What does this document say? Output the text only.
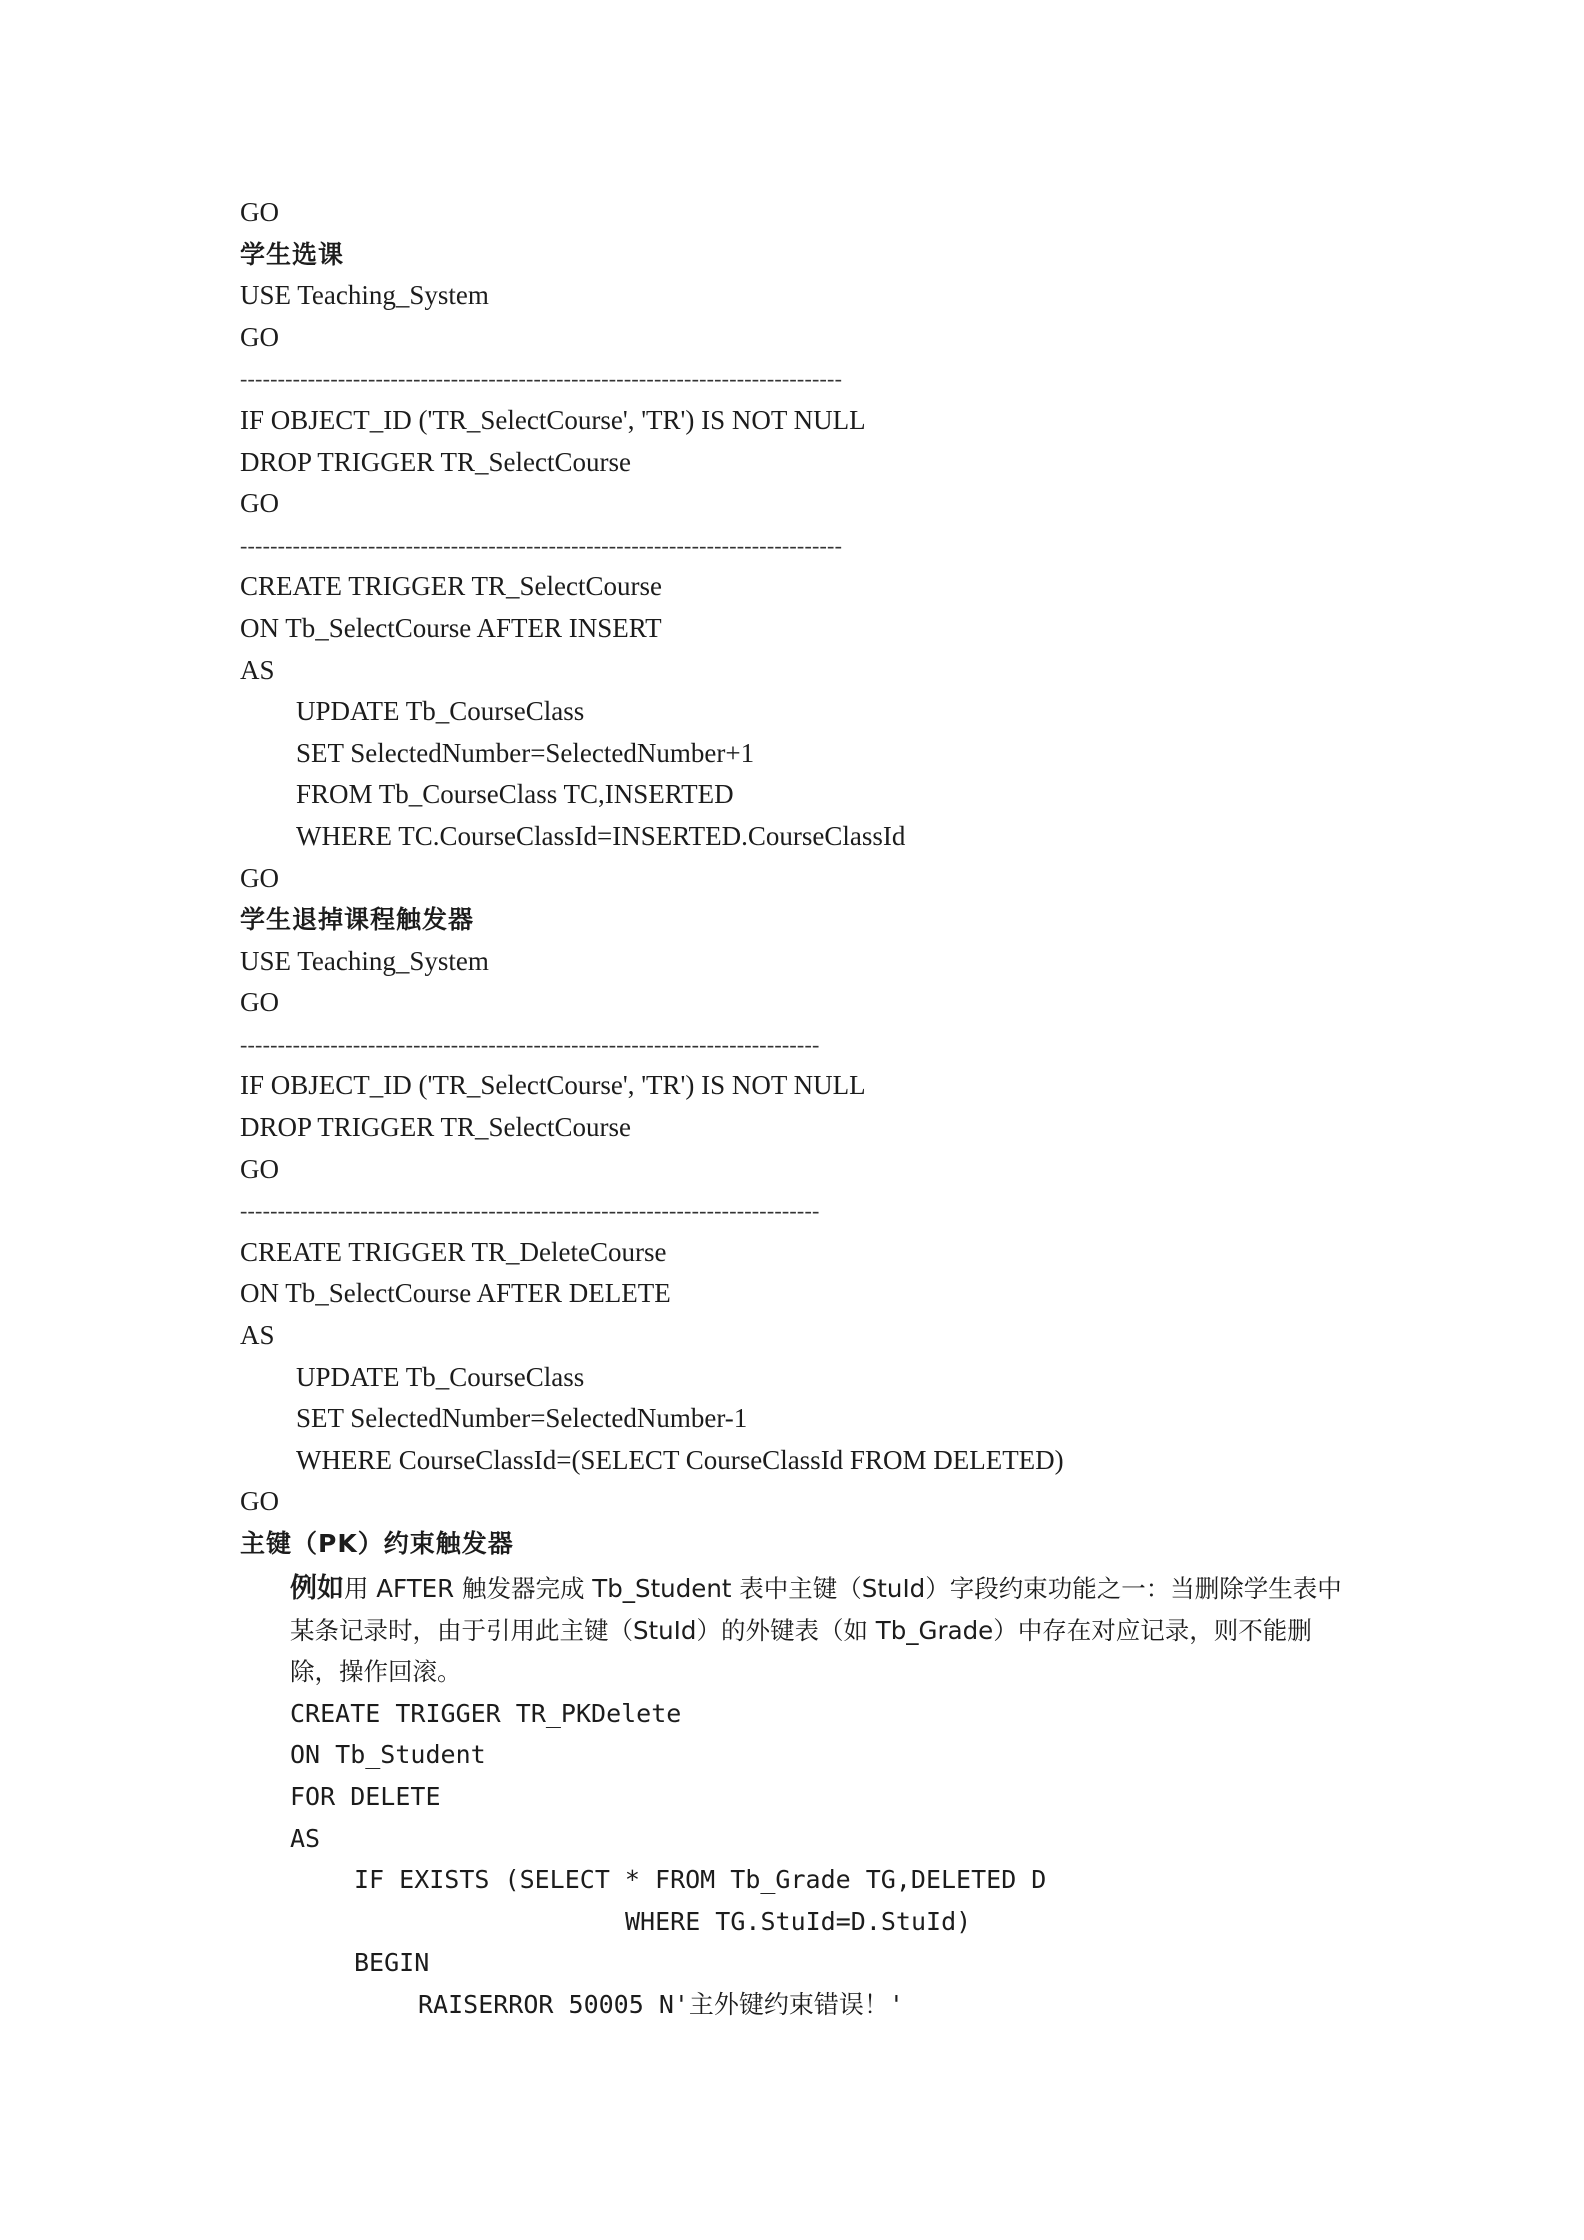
GO
学生选课
USE Teaching_System
GO
--------------------------------------------------------------------------------
IF OBJECT_ID ('TR_SelectCourse', 'TR') IS NOT NULL
DROP TRIGGER TR_SelectCourse
GO
--------------------------------------------------------------------------------
CREATE TRIGGER TR_SelectCourse
ON Tb_SelectCourse AFTER INSERT
AS
UPDATE Tb_CourseClass
SET SelectedNumber=SelectedNumber+1
FROM Tb_CourseClass TC,INSERTED
WHERE TC.CourseClassId=INSERTED.CourseClassId
GO
学生退掉课程触发器
USE Teaching_System
GO
-----------------------------------------------------------------------------
IF OBJECT_ID ('TR_SelectCourse', 'TR') IS NOT NULL
DROP TRIGGER TR_SelectCourse
GO
-----------------------------------------------------------------------------
CREATE TRIGGER TR_DeleteCourse
ON Tb_SelectCourse AFTER DELETE
AS
UPDATE Tb_CourseClass
SET SelectedNumber=SelectedNumber-1
WHERE CourseClassId=(SELECT CourseClassId FROM DELETED)
GO
主键（PK）约束触发器
例如用 AFTER 触发器完成 Tb_Student 表中主键（StuId）字段约束功能之一：当删除学生表中某条记录时，由于引用此主键（StuId）的外键表（如 Tb_Grade）中存在对应记录，则不能删除，操作回滚。
CREATE TRIGGER TR_PKDelete
ON Tb_Student
FOR DELETE
AS
IF EXISTS (SELECT * FROM Tb_Grade TG,DELETED D
WHERE TG.StuId=D.StuId)
BEGIN
RAISERROR 50005 N'主外键约束错误！'
